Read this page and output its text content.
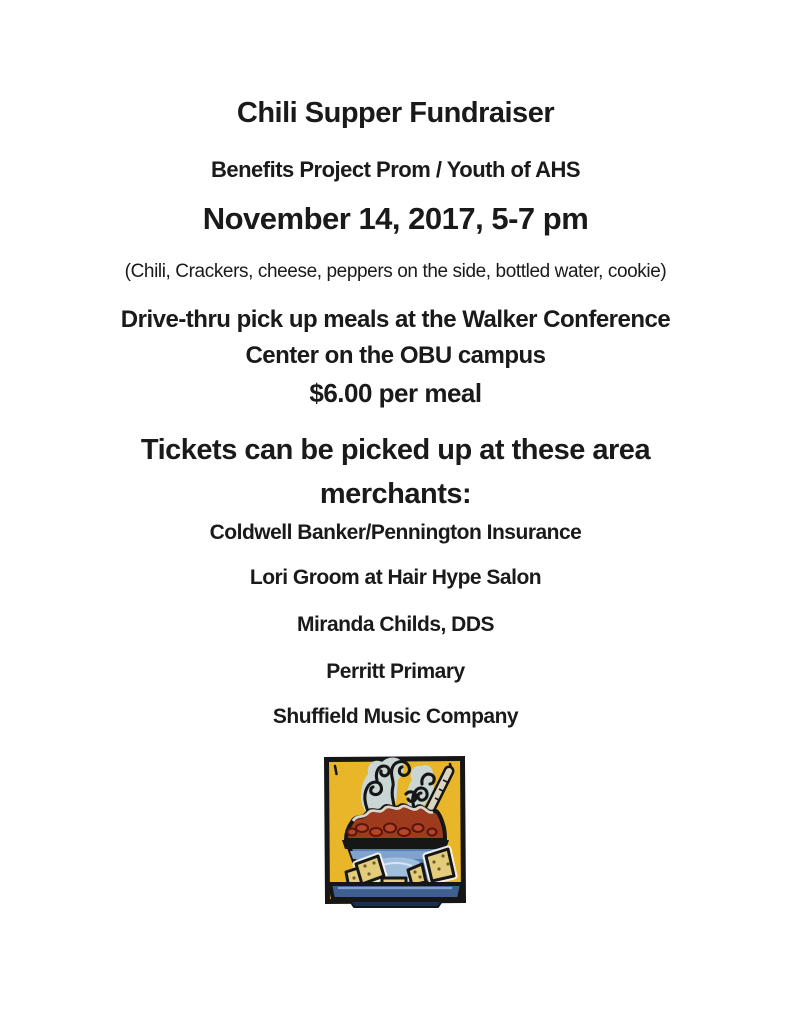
Chili Supper Fundraiser
Benefits Project Prom / Youth of AHS
November 14, 2017, 5-7 pm
(Chili, Crackers, cheese, peppers on the side, bottled water, cookie)
Drive-thru pick up meals at the Walker Conference
Center on the OBU campus
$6.00 per meal
Tickets can be picked up at these area
merchants:
Coldwell Banker/Pennington Insurance
Lori Groom at Hair Hype Salon
Miranda Childs, DDS
Perritt Primary
Shuffield Music Company
